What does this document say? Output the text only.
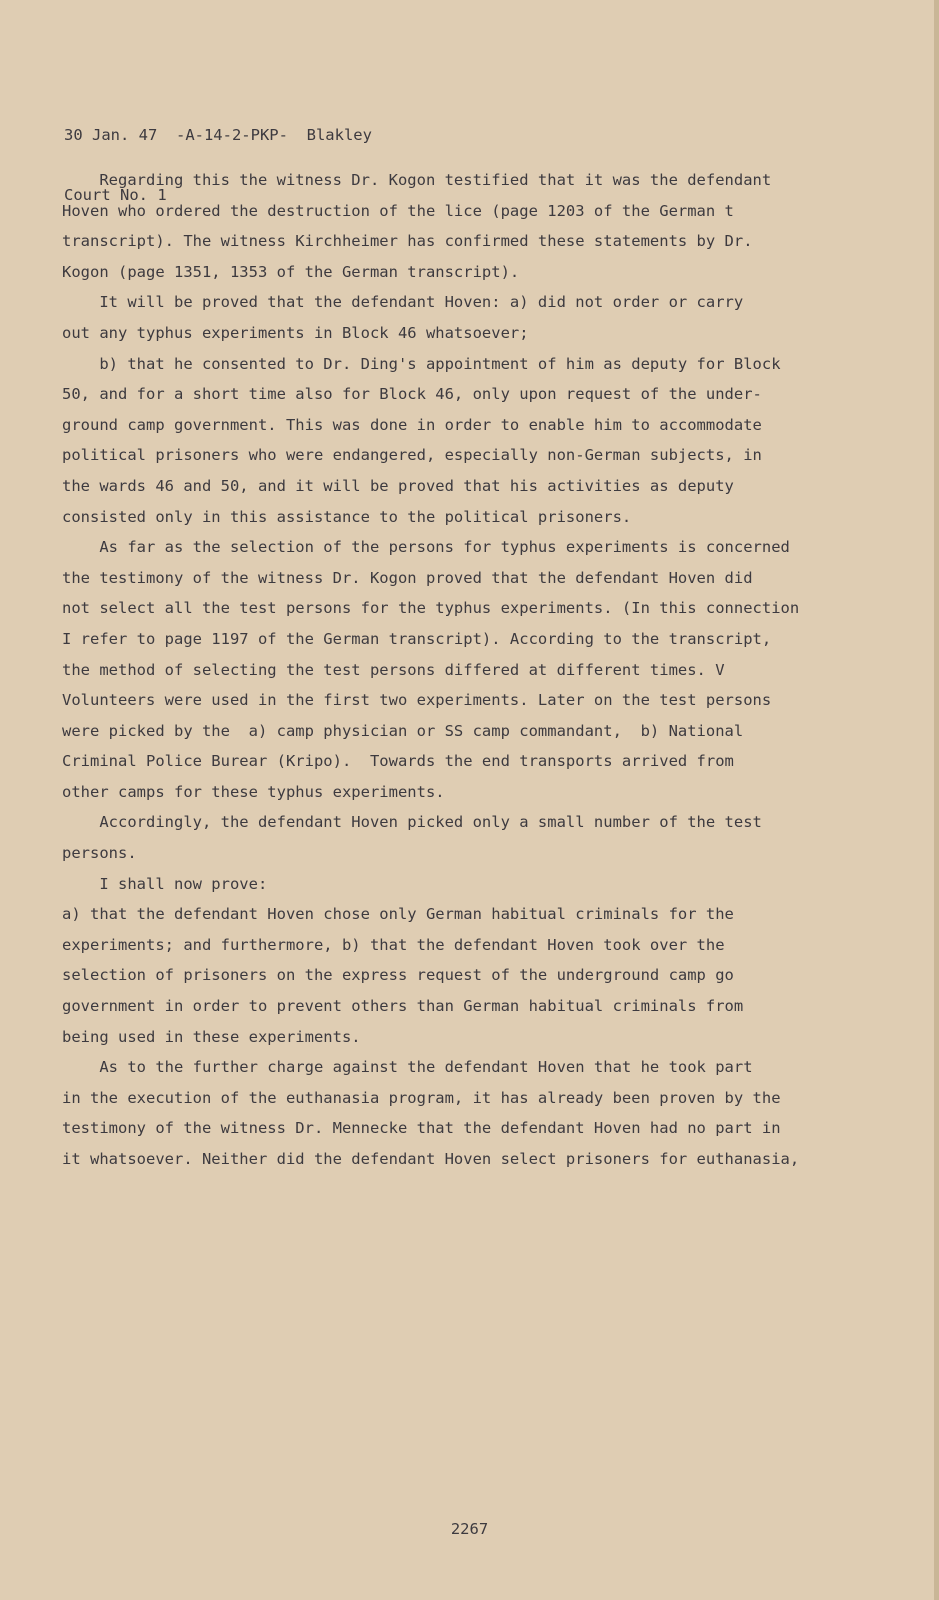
30 Jan. 47  -A-14-2-PKP-  Blakley

Court No. 1

Regarding this the witness Dr. Kogon testified that it was the defendant
Hoven who ordered the destruction of the lice (page 1203 of the German t
transcript). The witness Kirchheimer has confirmed these statements by Dr.
Kogon (page 1351, 1353 of the German transcript).
It will be proved that the defendant Hoven: a) did not order or carry
out any typhus experiments in Block 46 whatsoever;
b) that he consented to Dr. Ding's appointment of him as deputy for Block
50, and for a short time also for Block 46, only upon request of the under-
ground camp government. This was done in order to enable him to accommodate
political prisoners who were endangered, especially non-German subjects, in
the wards 46 and 50, and it will be proved that his activities as deputy
consisted only in this assistance to the political prisoners.
As far as the selection of the persons for typhus experiments is concerned
the testimony of the witness Dr. Kogon proved that the defendant Hoven did
not select all the test persons for the typhus experiments. (In this connection
I refer to page 1197 of the German transcript). According to the transcript,
the method of selecting the test persons differed at different times. V
Volunteers were used in the first two experiments. Later on the test persons
were picked by the  a) camp physician or SS camp commandant,  b) National
Criminal Police Burear (Kripo).  Towards the end transports arrived from
other camps for these typhus experiments.
Accordingly, the defendant Hoven picked only a small number of the test
persons.
I shall now prove:
a) that the defendant Hoven chose only German habitual criminals for the
experiments; and furthermore, b) that the defendant Hoven took over the
selection of prisoners on the express request of the underground camp go
government in order to prevent others than German habitual criminals from
being used in these experiments.
As to the further charge against the defendant Hoven that he took part
in the execution of the euthanasia program, it has already been proven by the
testimony of the witness Dr. Mennecke that the defendant Hoven had no part in
it whatsoever. Neither did the defendant Hoven select prisoners for euthanasia,
2267
